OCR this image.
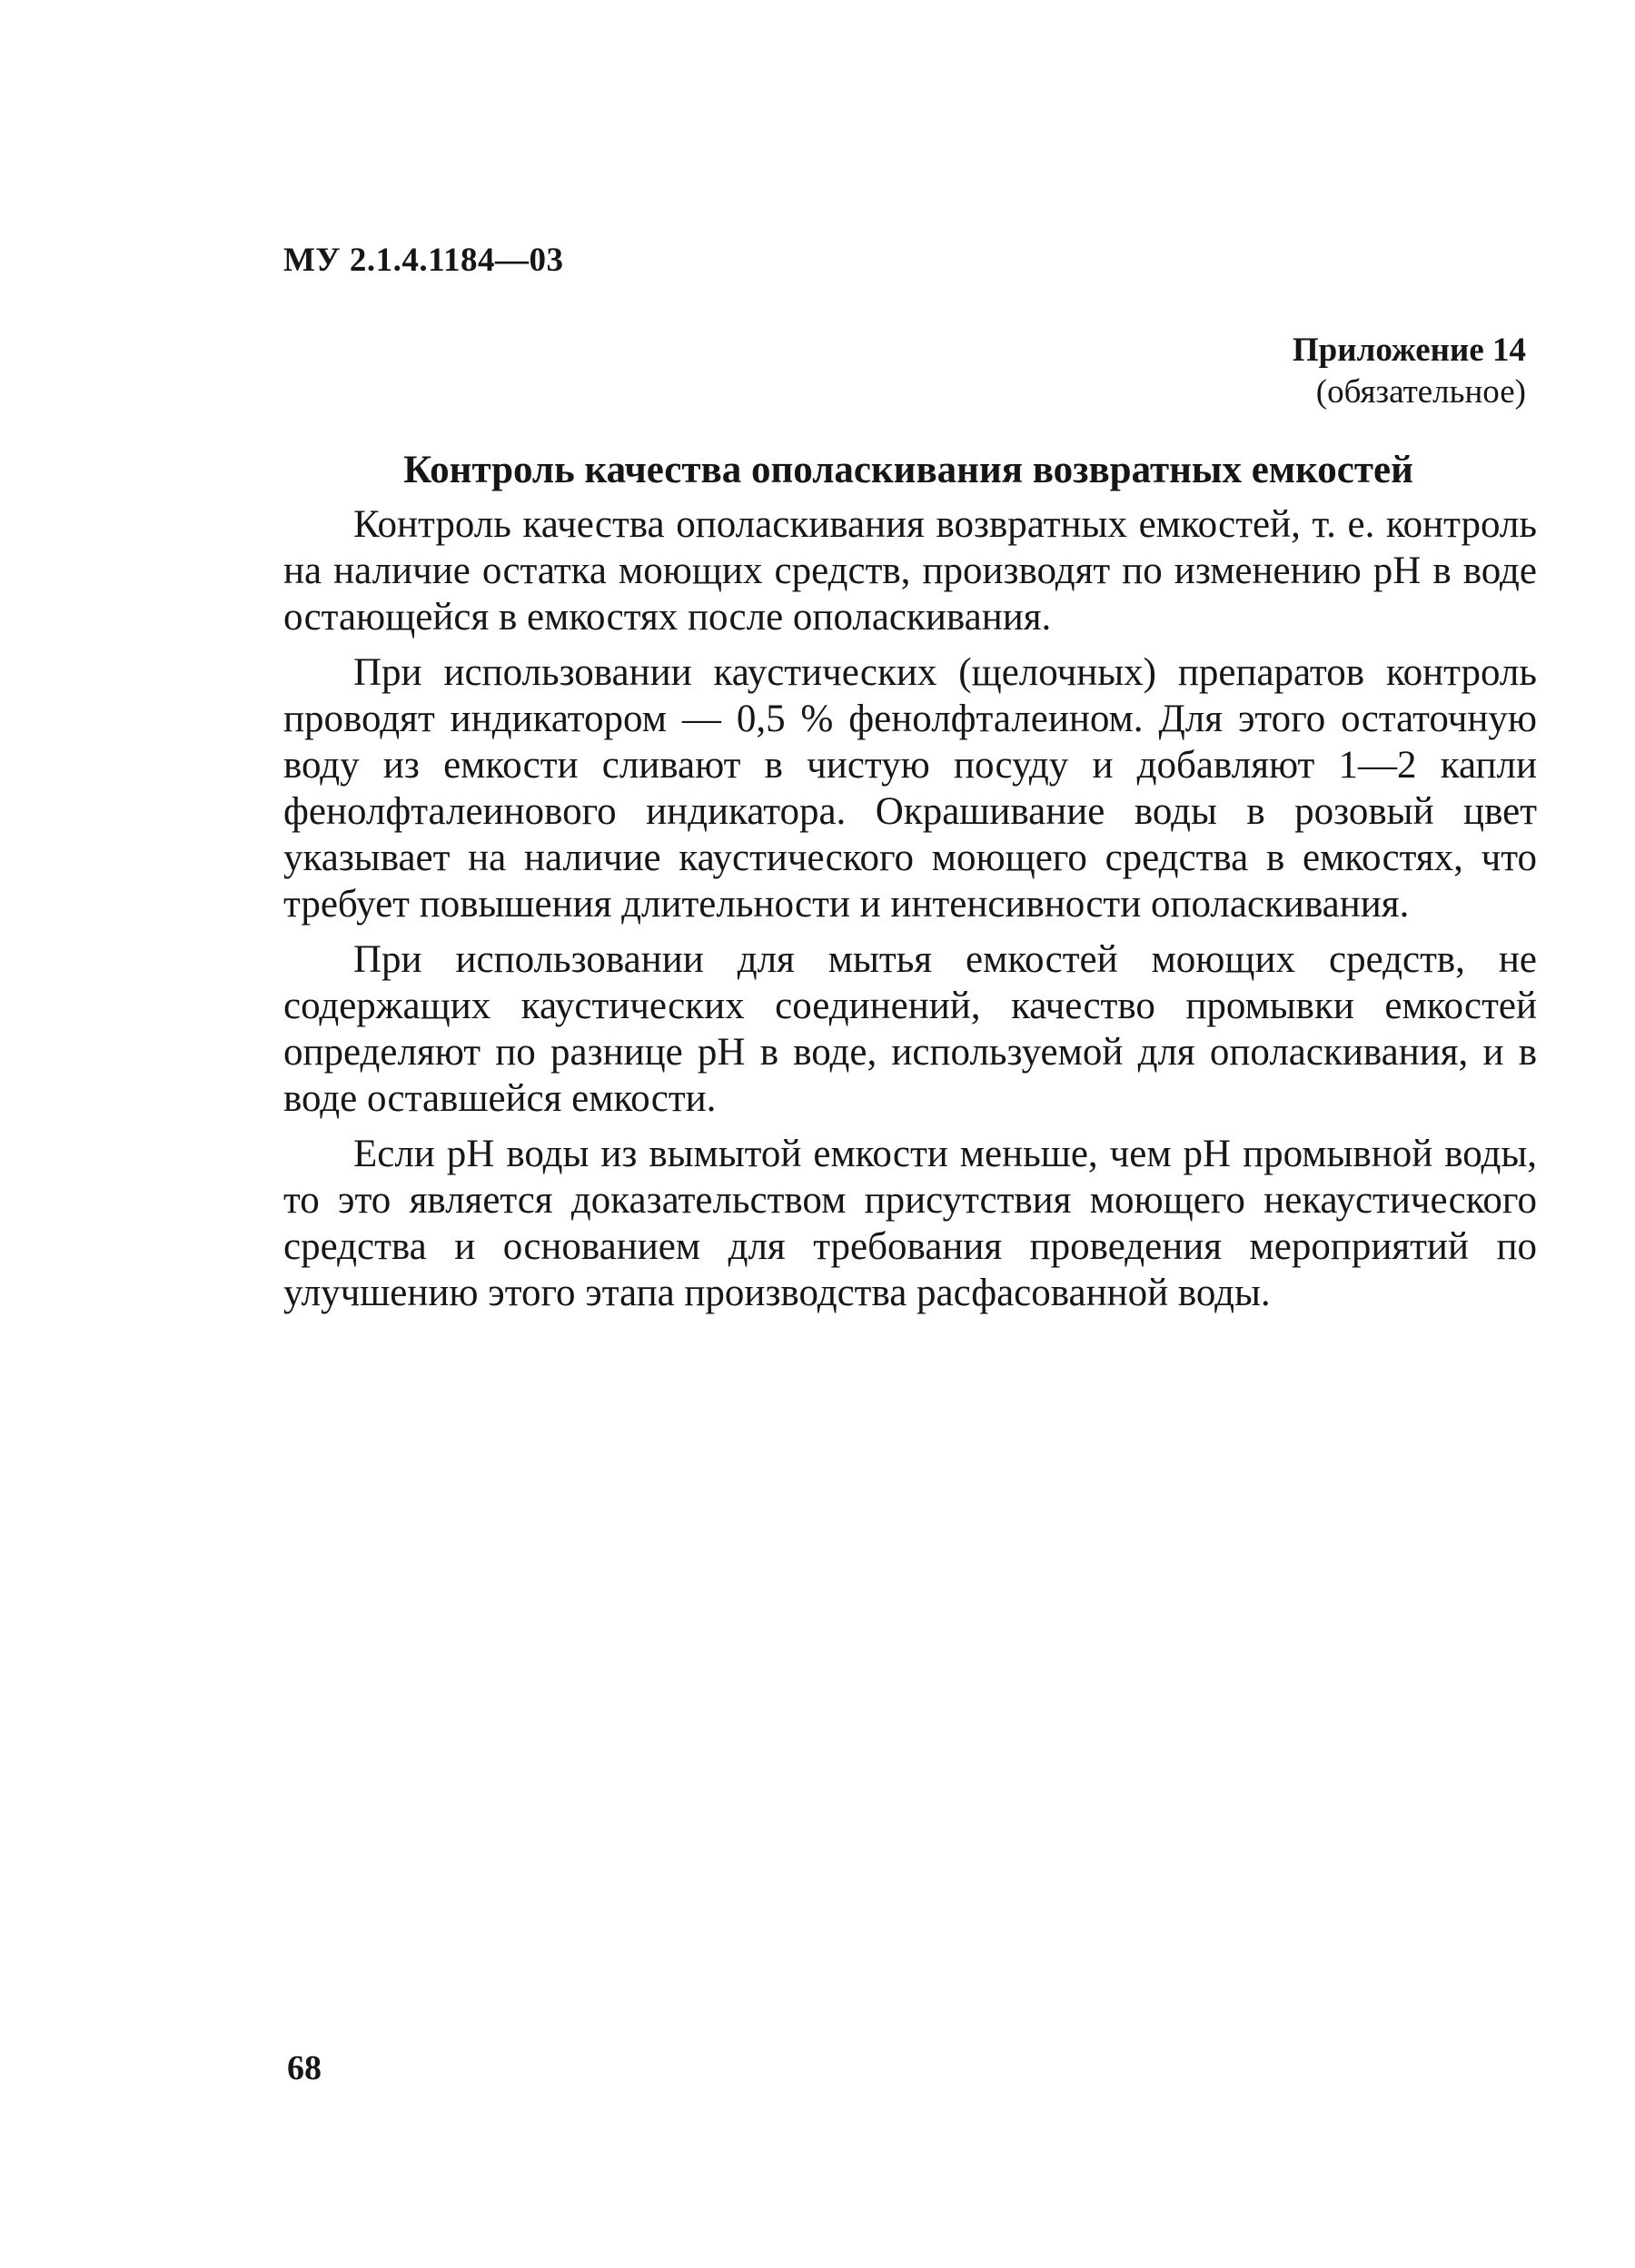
МУ 2.1.4.1184—03

Приложение 14
(обязательное)

Контроль качества ополаскивания возвратных емкостей

Контроль качества ополаскивания возвратных емкостей, т. е. контроль на наличие остатка моющих средств, производят по изменению рН в воде остающейся в емкостях после ополаскивания.

При использовании каустических (щелочных) препаратов контроль проводят индикатором — 0,5 % фенолфталеином. Для этого остаточную воду из емкости сливают в чистую посуду и добавляют 1—2 капли фенолфталеинового индикатора. Окрашивание воды в розовый цвет указывает на наличие каустического моющего средства в емкостях, что требует повышения длительности и интенсивности ополаскивания.

При использовании для мытья емкостей моющих средств, не содержащих каустических соединений, качество промывки емкостей определяют по разнице рН в воде, используемой для ополаскивания, и в воде оставшейся емкости.

Если рН воды из вымытой емкости меньше, чем рН промывной воды, то это является доказательством присутствия моющего некаустического средства и основанием для требования проведения мероприятий по улучшению этого этапа производства расфасованной воды.

68
